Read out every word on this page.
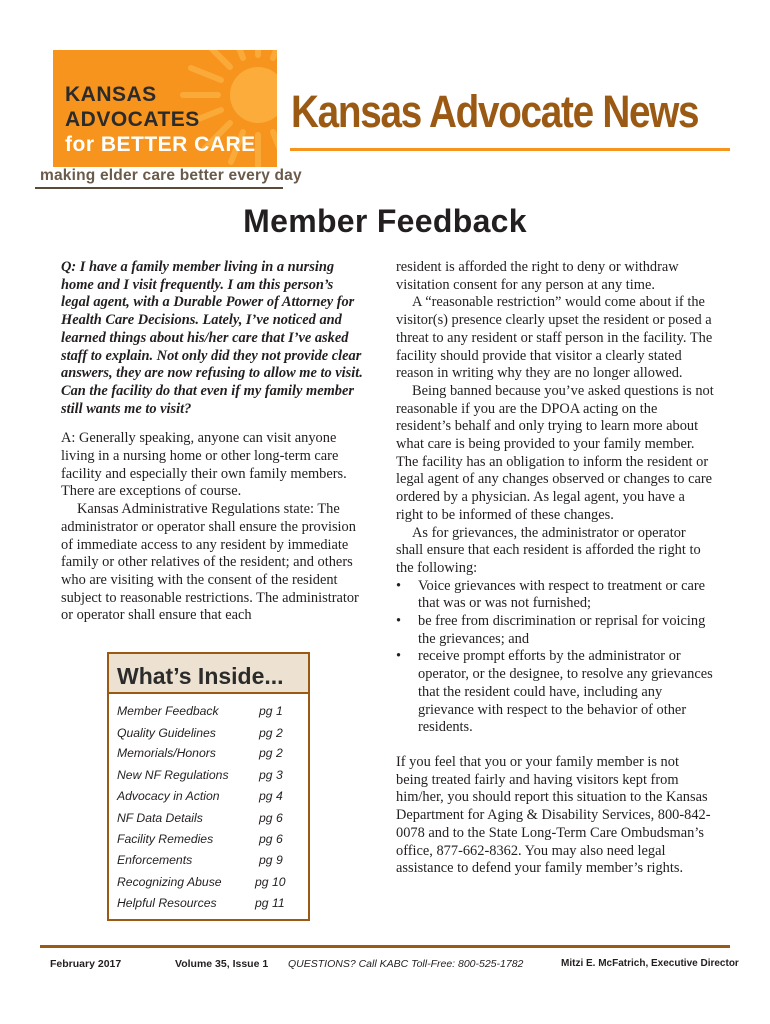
KANSAS
ADVOCATES
for BETTER CARE
making elder care better every day
Kansas Advocate News
Member Feedback

Q: I have a family member living in a nursing home and I visit frequently. I am this person’s legal agent, with a Durable Power of Attorney for Health Care Decisions. Lately, I’ve noticed and learned things about his/her care that I’ve asked staff to explain. Not only did they not provide clear answers, they are now refusing to allow me to visit. Can the facility do that even if my family member still wants me to visit?

A: Generally speaking, anyone can visit anyone living in a nursing home or other long-term care facility and especially their own family members. There are exceptions of course.

Kansas Administrative Regulations state: The administrator or operator shall ensure the provision of immediate access to any resident by immediate family or other relatives of the resident; and others who are visiting with the consent of the resident subject to reasonable restrictions. The administrator or operator shall ensure that each

What’s Inside...
Member Feedback	pg 1
Quality Guidelines	pg 2
Memorials/Honors	pg 2
New NF Regulations pg 3
Advocacy in Action	pg 4
NF Data Details	pg 6
Facility Remedies	pg 6
Enforcements	pg 9
Recognizing Abuse	pg 10
Helpful Resources	pg 11

resident is afforded the right to deny or withdraw visitation consent for any person at any time.

A “reasonable restriction” would come about if the visitor(s) presence clearly upset the resident or posed a threat to any resident or staff person in the facility. The facility should provide that visitor a clearly stated reason in writing why they are no longer allowed.

Being banned because you’ve asked questions is not reasonable if you are the DPOA acting on the resident’s behalf and only trying to learn more about what care is being provided to your family member. The facility has an obligation to inform the resident or legal agent of any changes observed or changes to care ordered by a physician. As legal agent, you have a right to be informed of these changes.

As for grievances, the administrator or operator shall ensure that each resident is afforded the right to the following:

• Voice grievances with respect to treatment or care that was or was not furnished;
• be free from discrimination or reprisal for voicing the grievances; and
• receive prompt efforts by the administrator or operator, or the designee, to resolve any grievances that the resident could have, including any grievance with respect to the behavior of other residents.

If you feel that you or your family member is not being treated fairly and having visitors kept from him/her, you should report this situation to the Kansas Department for Aging & Disability Services, 800-842-0078 and to the State Long-Term Care Ombudsman’s office, 877-662-8362. You may also need legal assistance to defend your family member’s rights.

February 2017	Volume 35, Issue 1 QUESTIONS? Call KABC Toll-Free: 800-525-1782	Mitzi E. McFatrich, Executive Director
